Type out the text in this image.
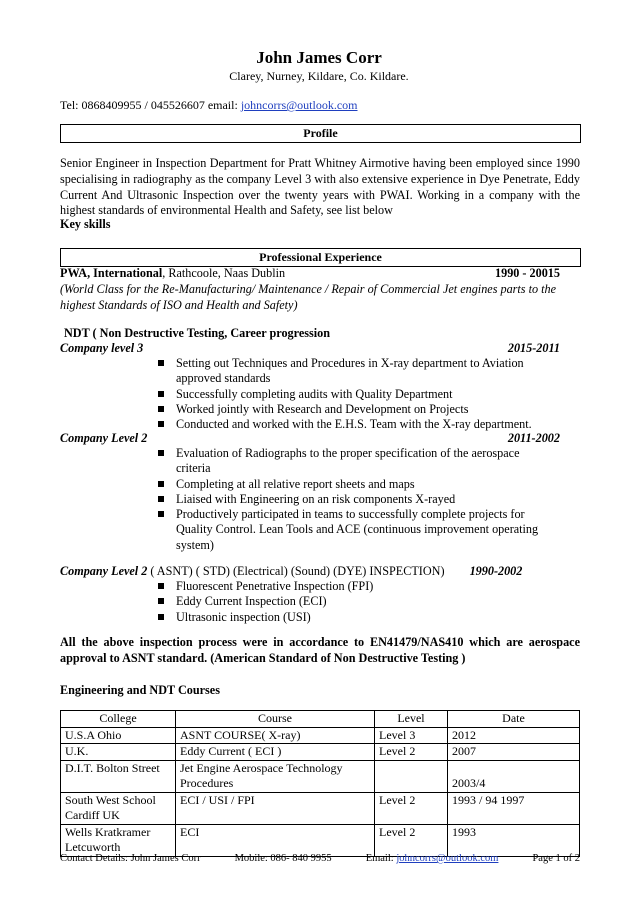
John James Corr
Clarey, Nurney, Kildare, Co. Kildare.
Tel: 0868409955 / 045526607 email: johncorrs@outlook.com
Profile
Senior Engineer in Inspection Department for Pratt Whitney Airmotive having been employed since 1990 specialising in radiography as the company Level 3 with also extensive experience in Dye Penetrate, Eddy Current And Ultrasonic Inspection over the twenty years with PWAI. Working in a company with the highest standards of environmental Health and Safety, see list below
Key skills
Professional Experience
PWA, International, Rathcoole, Naas Dublin	1990 - 20015
(World Class for the Re-Manufacturing/ Maintenance / Repair of Commercial Jet engines parts to the highest Standards of ISO and Health and Safety)
NDT ( Non Destructive Testing, Career progression
Company level 3	2015-2011
Setting out Techniques and Procedures in X-ray department to Aviation approved standards
Successfully completing audits with Quality Department
Worked jointly with Research and Development on Projects
Conducted and worked with the E.H.S. Team with the X-ray department.
Company Level 2	2011-2002
Evaluation of Radiographs to the proper specification of the aerospace criteria
Completing at all relative report sheets and maps
Liaised with Engineering on an risk components X-rayed
Productively participated in teams to successfully complete projects for Quality Control. Lean Tools and ACE (continuous improvement operating system)
Company Level 2 ( ASNT) ( STD) (Electrical) (Sound) (DYE) INSPECTION) 1990-2002
Fluorescent Penetrative Inspection (FPI)
Eddy Current Inspection (ECI)
Ultrasonic inspection (USI)
All the above inspection process were in accordance to EN41479/NAS410 which are aerospace approval to ASNT standard. (American Standard of Non Destructive Testing )
Engineering and NDT Courses
College	Course	Level	Date
U.S.A Ohio	ASNT COURSE( X-ray)	Level 3	2012
U.K.	Eddy Current ( ECI )	Level 2	2007
D.I.T. Bolton Street	Jet Engine Aerospace Technology Procedures		2003/4
South West School Cardiff UK	ECI / USI / FPI	Level 2	1993 / 94 1997
Wells Kratkramer Letcuworth	ECI	Level 2	1993
Contact Details: John James Corr	Mobile: 086- 840 9955	Email: johncorrs@outlook.com	Page 1 of 2
